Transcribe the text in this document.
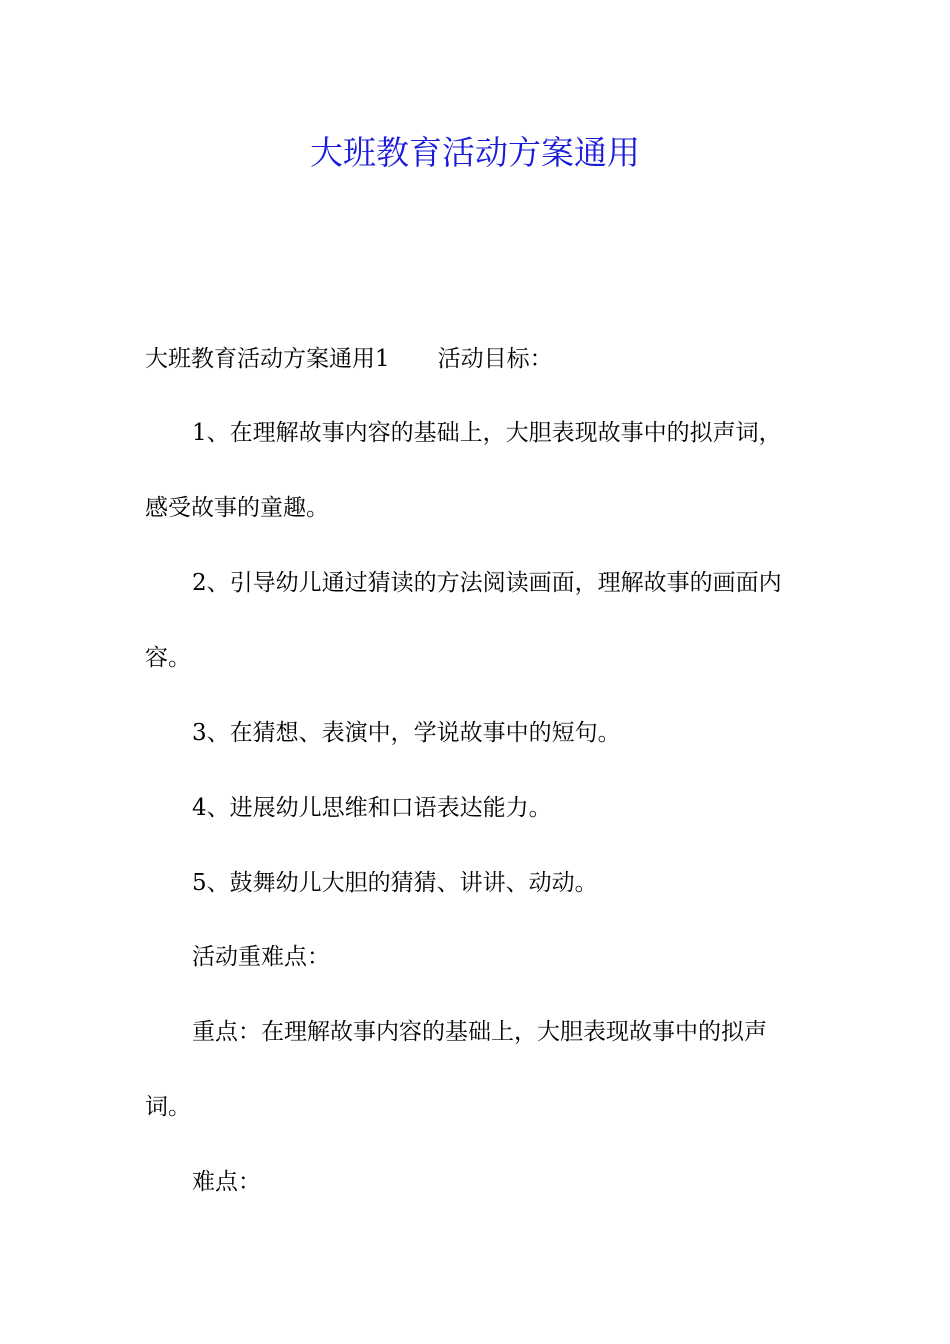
大班教育活动方案通用

大班教育活动方案通用1 活动目标：

1、在理解故事内容的基础上，大胆表现故事中的拟声词，

感受故事的童趣。

2、引导幼儿通过猜读的方法阅读画面，理解故事的画面内

容。

3、在猜想、表演中，学说故事中的短句。

4、进展幼儿思维和口语表达能力。

5、鼓舞幼儿大胆的猜猜、讲讲、动动。

活动重难点：

重点：在理解故事内容的基础上，大胆表现故事中的拟声

词。

难点：
